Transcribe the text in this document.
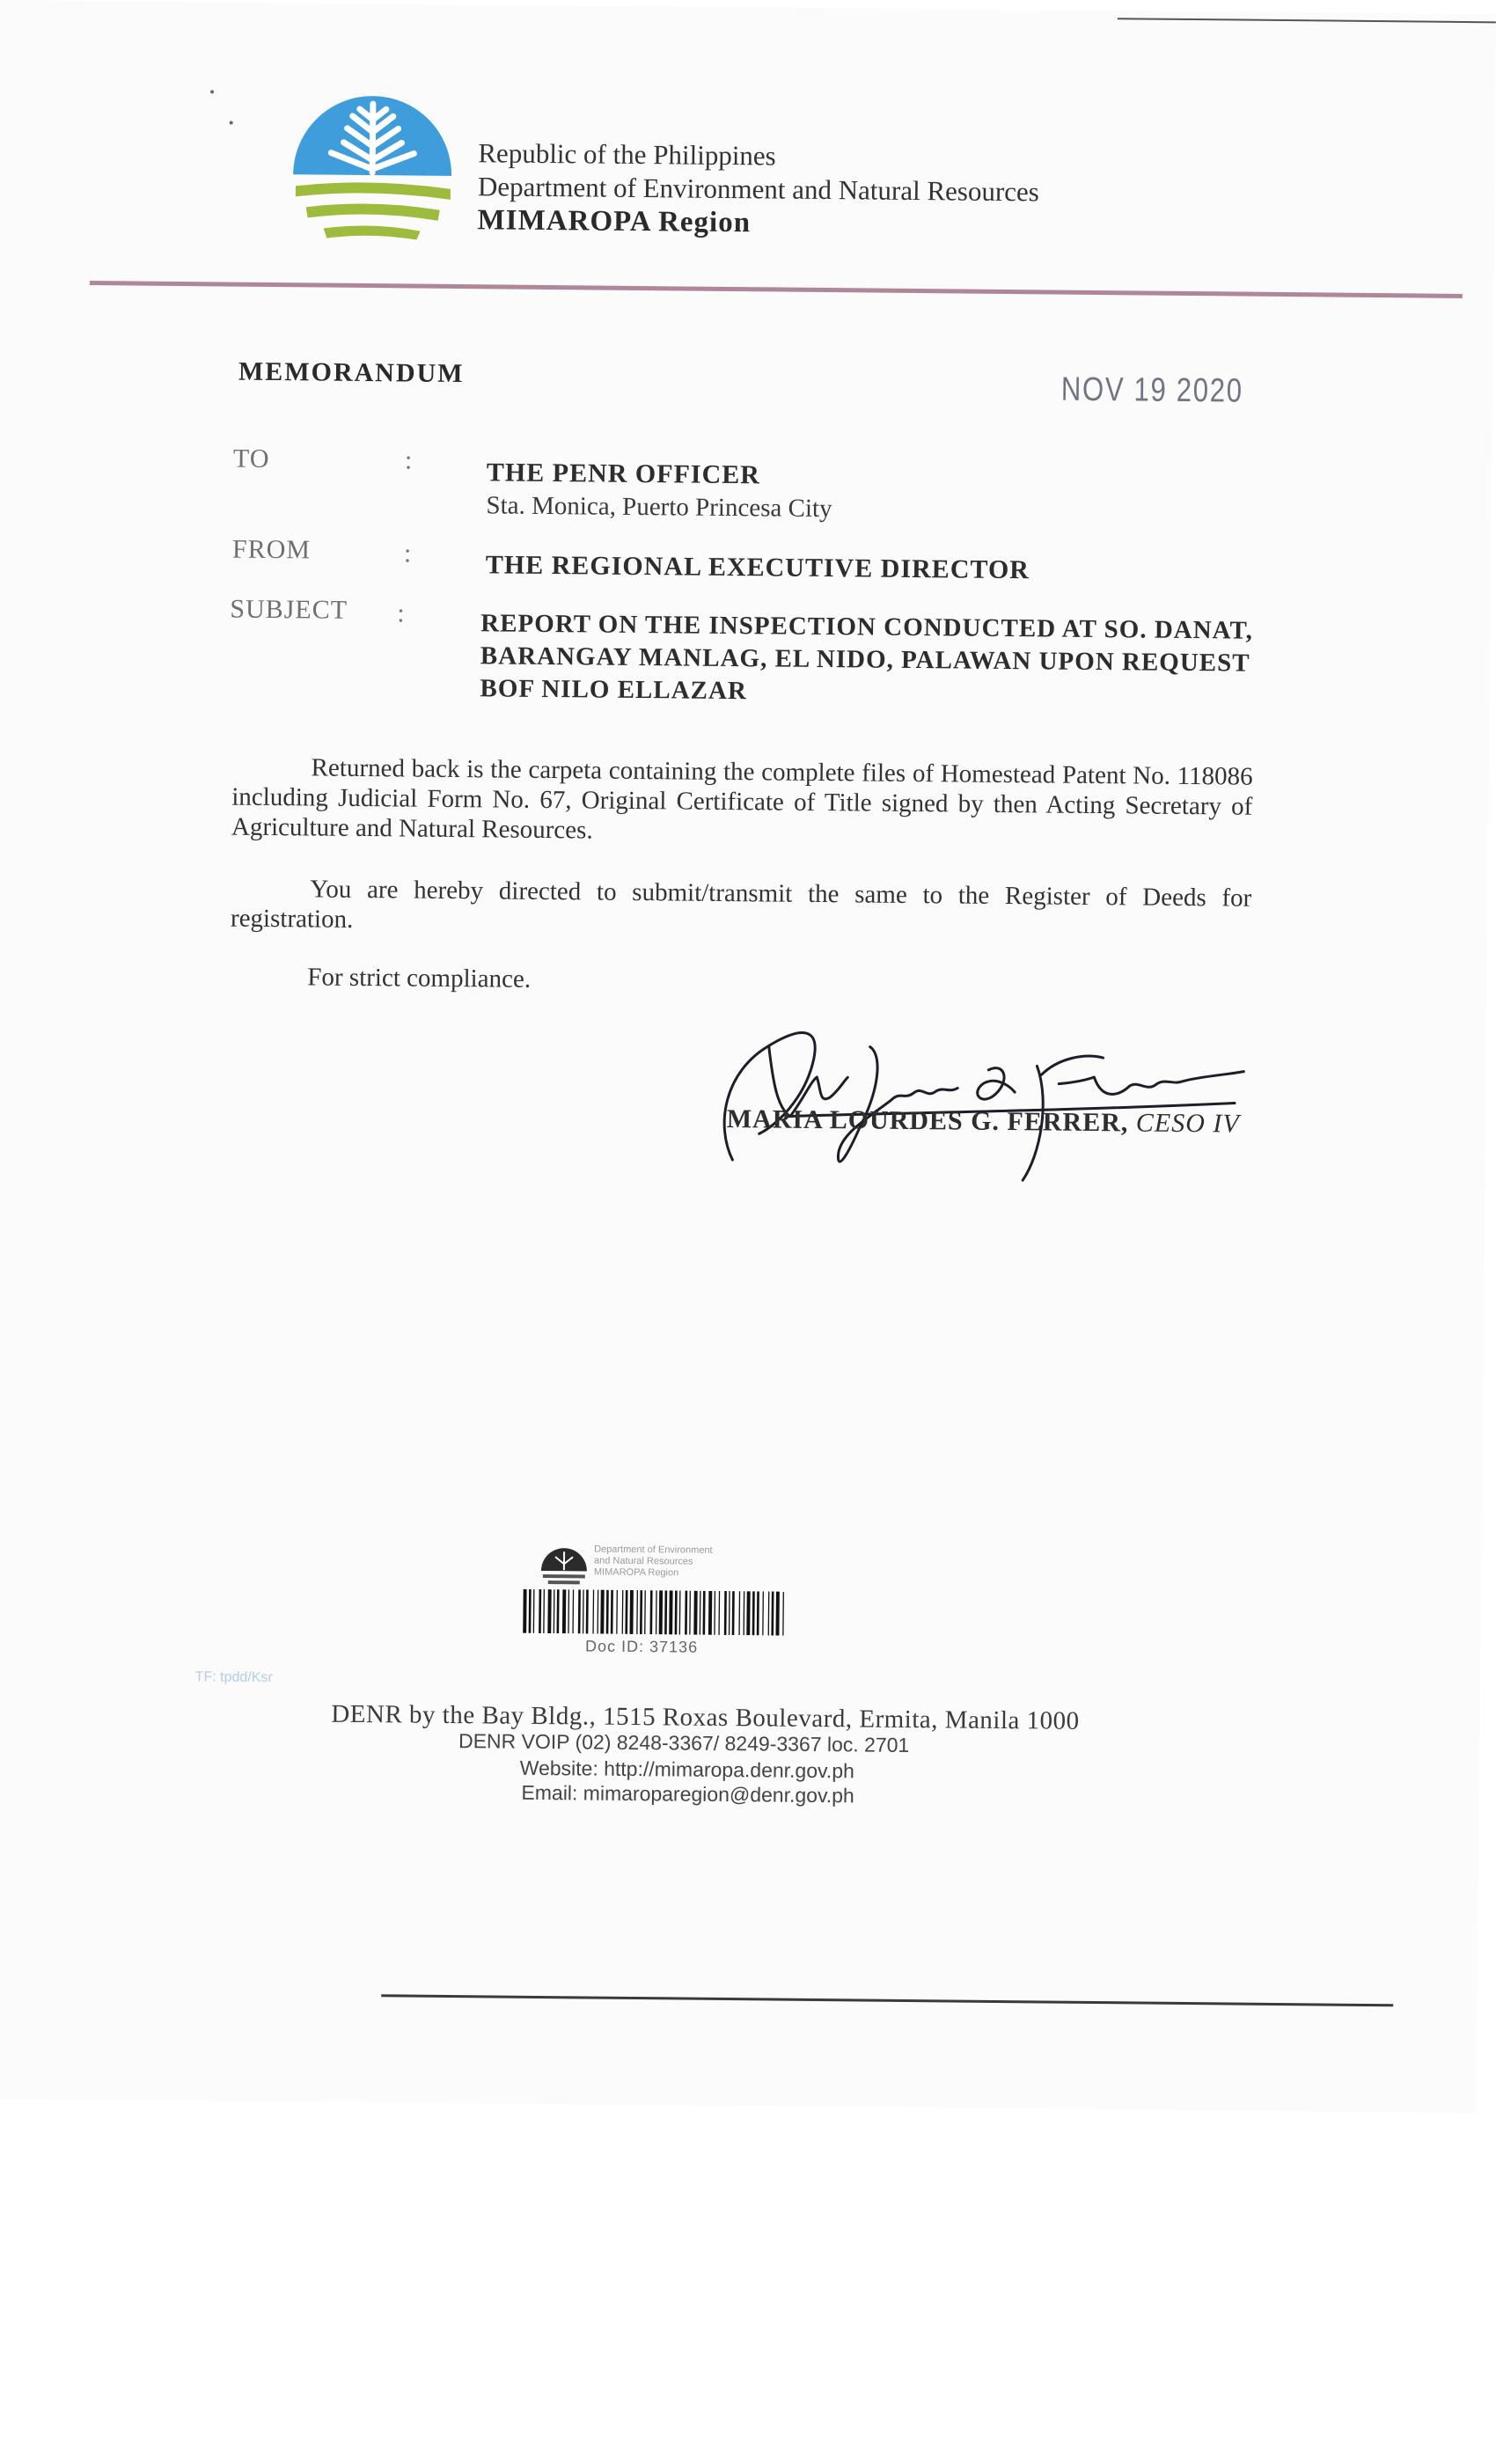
Republic of the Philippines
Department of Environment and Natural Resources
MIMAROPA Region
MEMORANDUM	NOV 19 2020
TO	:	THE PENR OFFICER
Sta. Monica, Puerto Princesa City
FROM	:	THE REGIONAL EXECUTIVE DIRECTOR
SUBJECT :	REPORT ON THE INSPECTION CONDUCTED AT SO. DANAT, BARANGAY MANLAG, EL NIDO, PALAWAN UPON REQUEST BOF NILO ELLAZAR
Returned back is the carpeta containing the complete files of Homestead Patent No. 118086 including Judicial Form No. 67, Original Certificate of Title signed by then Acting Secretary of Agriculture and Natural Resources.
You are hereby directed to submit/transmit the same to the Register of Deeds for registration.
For strict compliance.
MARIA LOURDES G. FERRER, CESO IV
Department of Environment
and Natural Resources
MIMAROPA Region
Doc ID: 37136
TF: tpdd/Ksr
DENR by the Bay Bldg., 1515 Roxas Boulevard, Ermita, Manila 1000
DENR VOIP (02) 8248-3367/ 8249-3367 loc. 2701
Website: http://mimaropa.denr.gov.ph
Email: mimaroparegion@denr.gov.ph
